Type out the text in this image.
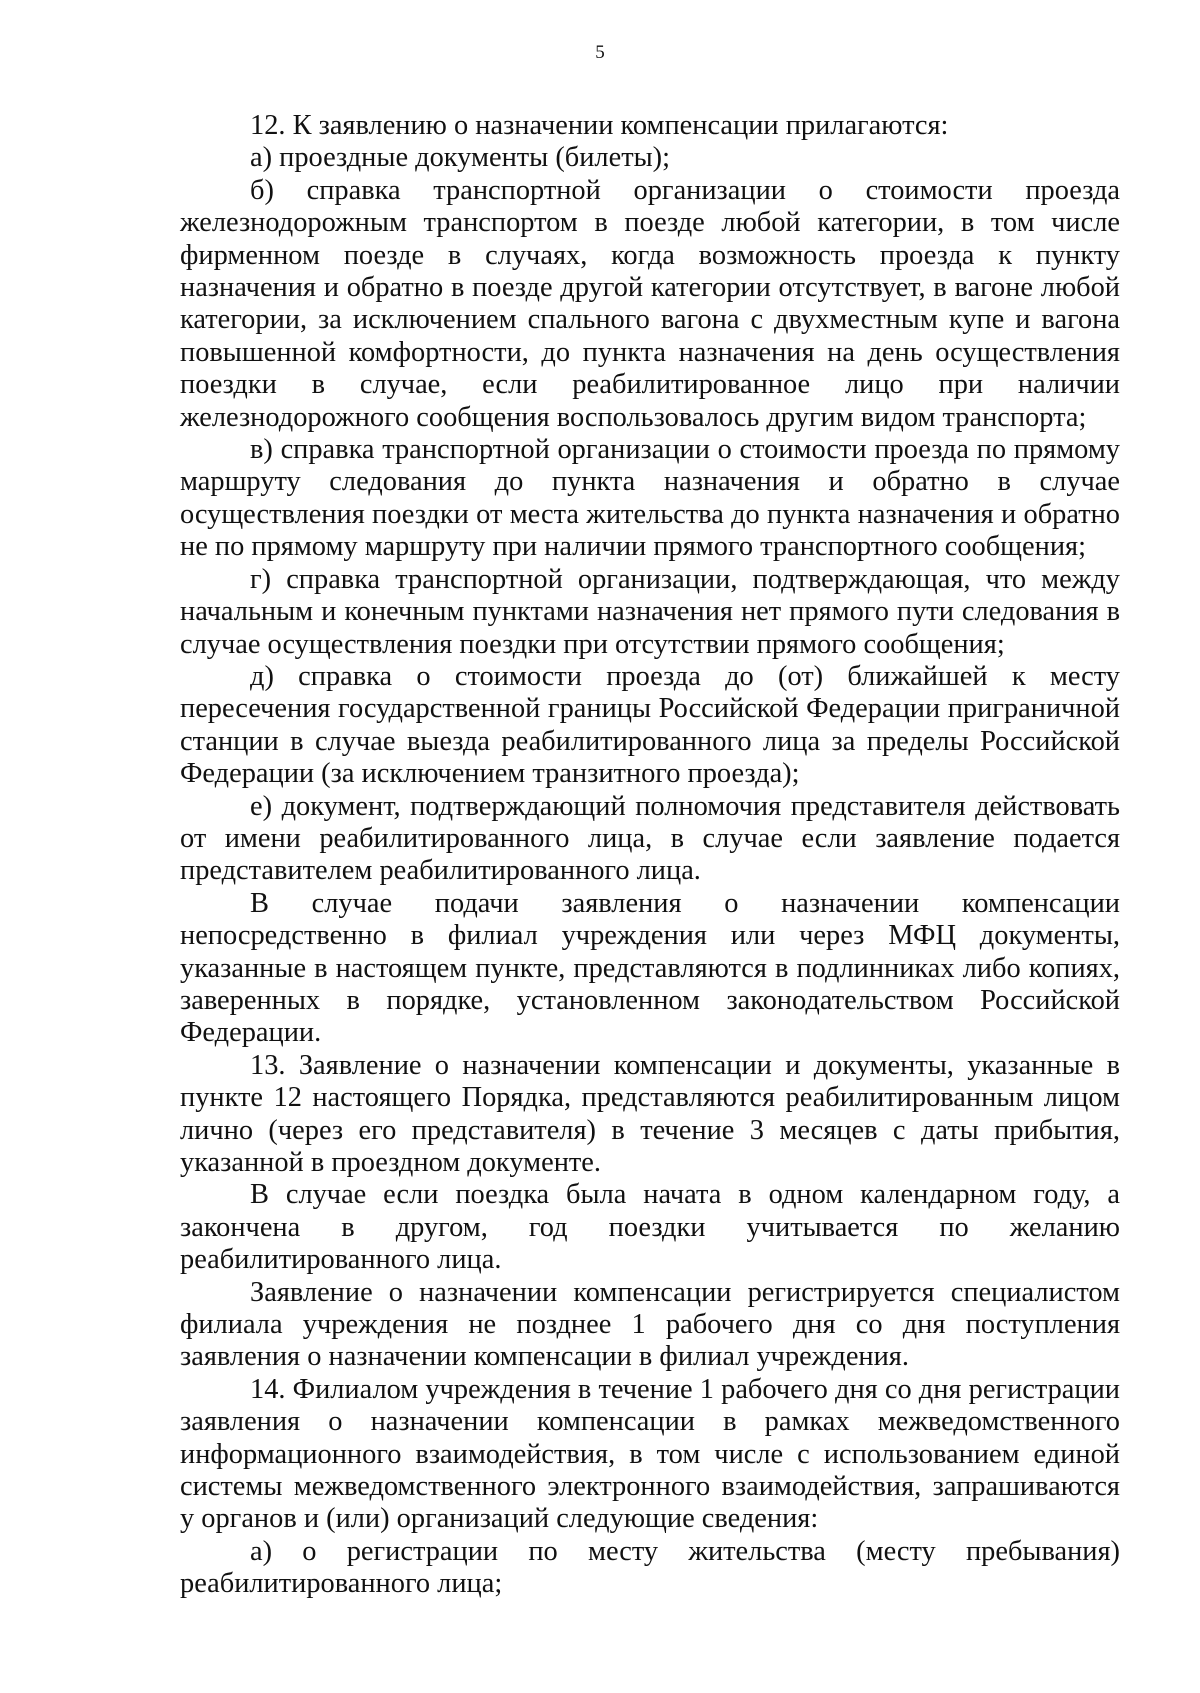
5

12. К заявлению о назначении компенсации прилагаются:

а) проездные документы (билеты);

б) справка транспортной организации о стоимости проезда железнодорожным транспортом в поезде любой категории, в том числе фирменном поезде в случаях, когда возможность проезда к пункту назначения и обратно в поезде другой категории отсутствует, в вагоне любой категории, за исключением спального вагона с двухместным купе и вагона повышенной комфортности, до пункта назначения на день осуществления поездки в случае, если реабилитированное лицо при наличии железнодорожного сообщения воспользовалось другим видом транспорта;

в) справка транспортной организации о стоимости проезда по прямому маршруту следования до пункта назначения и обратно в случае осуществления поездки от места жительства до пункта назначения и обратно не по прямому маршруту при наличии прямого транспортного сообщения;

г) справка транспортной организации, подтверждающая, что между начальным и конечным пунктами назначения нет прямого пути следования в случае осуществления поездки при отсутствии прямого сообщения;

д) справка о стоимости проезда до (от) ближайшей к месту пересечения государственной границы Российской Федерации приграничной станции в случае выезда реабилитированного лица за пределы Российской Федерации (за исключением транзитного проезда);

е) документ, подтверждающий полномочия представителя действовать от имени реабилитированного лица, в случае если заявление подается представителем реабилитированного лица.

В случае подачи заявления о назначении компенсации непосредственно в филиал учреждения или через МФЦ документы, указанные в настоящем пункте, представляются в подлинниках либо копиях, заверенных в порядке, установленном законодательством Российской Федерации.

13. Заявление о назначении компенсации и документы, указанные в пункте 12 настоящего Порядка, представляются реабилитированным лицом лично (через его представителя) в течение 3 месяцев с даты прибытия, указанной в проездном документе.

В случае если поездка была начата в одном календарном году, а закончена в другом, год поездки учитывается по желанию реабилитированного лица.

Заявление о назначении компенсации регистрируется специалистом филиала учреждения не позднее 1 рабочего дня со дня поступления заявления о назначении компенсации в филиал учреждения.

14. Филиалом учреждения в течение 1 рабочего дня со дня регистрации заявления о назначении компенсации в рамках межведомственного информационного взаимодействия, в том числе с использованием единой системы межведомственного электронного взаимодействия, запрашиваются у органов и (или) организаций следующие сведения:

а) о регистрации по месту жительства (месту пребывания) реабилитированного лица;
